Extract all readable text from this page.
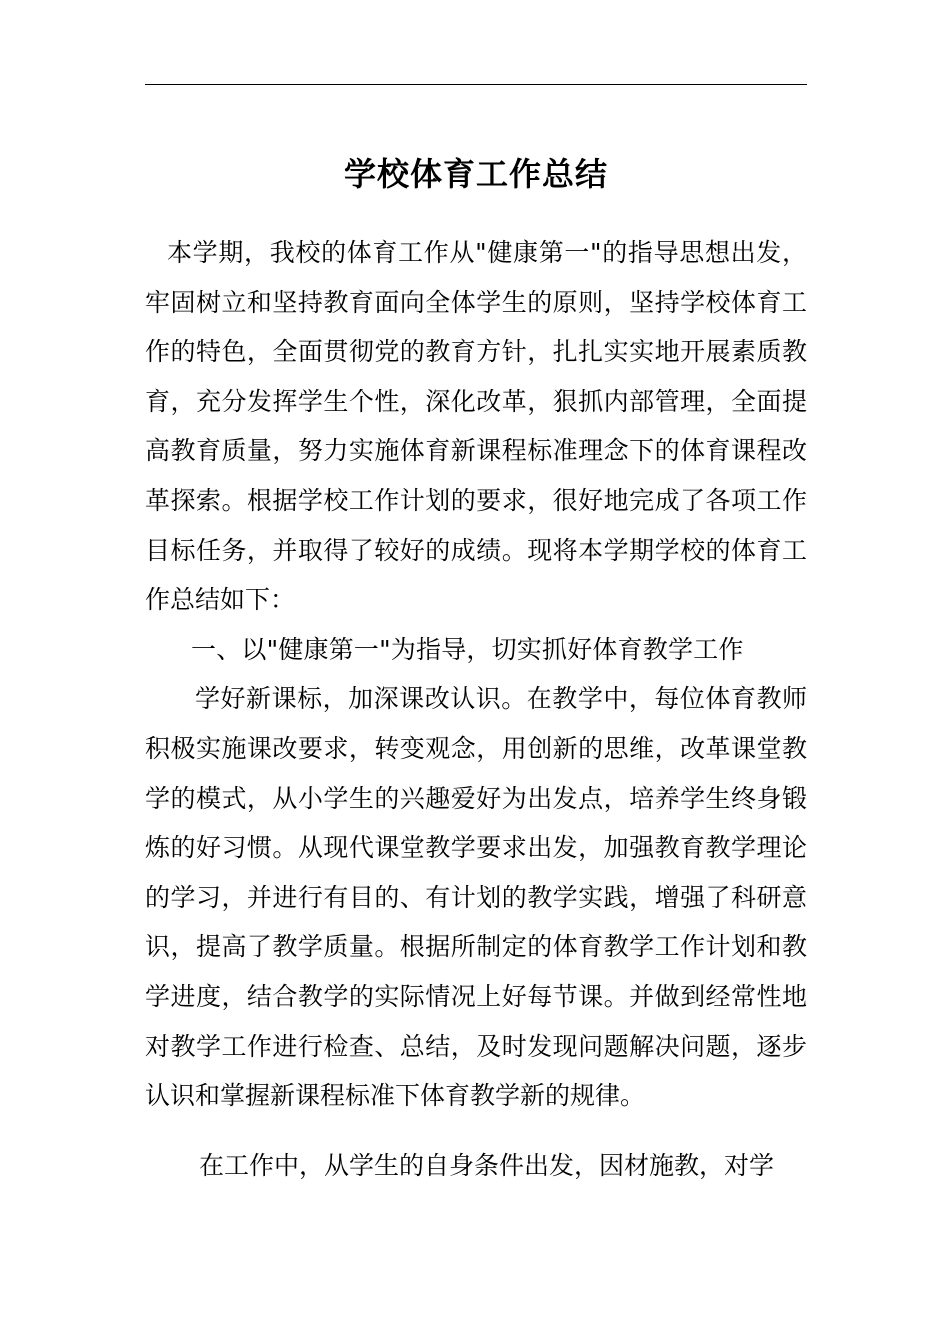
学校体育工作总结

本学期，我校的体育工作从"健康第一"的指导思想出发，牢固树立和坚持教育面向全体学生的原则，坚持学校体育工作的特色，全面贯彻党的教育方针，扎扎实实地开展素质教育，充分发挥学生个性，深化改革，狠抓内部管理，全面提高教育质量，努力实施体育新课程标准理念下的体育课程改革探索。根据学校工作计划的要求，很好地完成了各项工作目标任务，并取得了较好的成绩。现将本学期学校的体育工作总结如下：

一、以"健康第一"为指导，切实抓好体育教学工作

学好新课标，加深课改认识。在教学中，每位体育教师积极实施课改要求，转变观念，用创新的思维，改革课堂教学的模式，从小学生的兴趣爱好为出发点，培养学生终身锻炼的好习惯。从现代课堂教学要求出发，加强教育教学理论的学习，并进行有目的、有计划的教学实践，增强了科研意识，提高了教学质量。根据所制定的体育教学工作计划和教学进度，结合教学的实际情况上好每节课。并做到经常性地对教学工作进行检查、总结，及时发现问题解决问题，逐步认识和掌握新课程标准下体育教学新的规律。

在工作中，从学生的自身条件出发，因材施教，对学
